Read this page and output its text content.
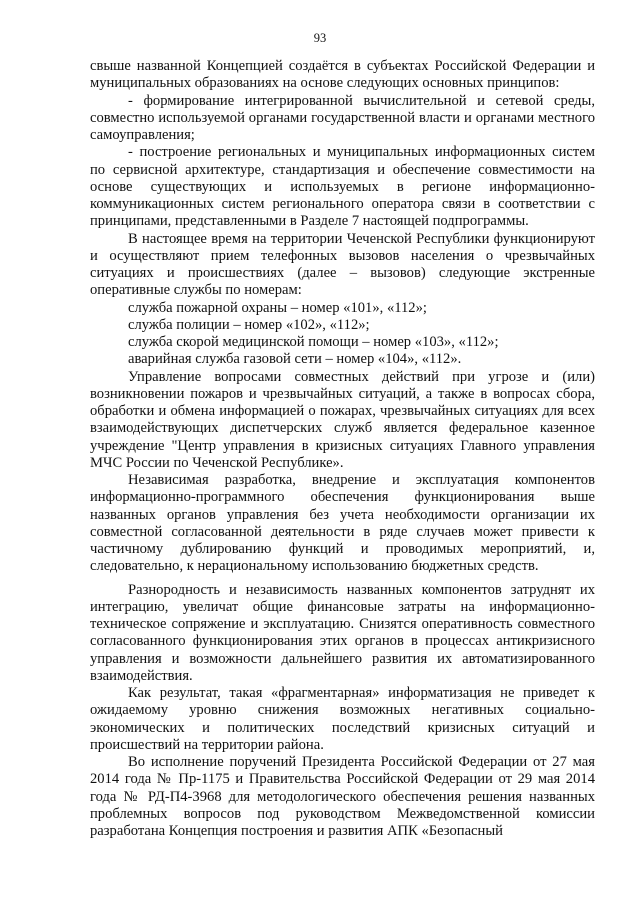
93

свыше названной Концепцией создаётся в субъектах Российской Федерации и муниципальных образованиях на основе следующих основных принципов:

- формирование интегрированной вычислительной и сетевой среды, совместно используемой органами государственной власти и органами местного самоуправления;

- построение региональных и муниципальных информационных систем по сервисной архитектуре, стандартизация и обеспечение совместимости на основе существующих и используемых в регионе информационно-коммуникационных систем регионального оператора связи в соответствии с принципами, представленными в Разделе 7 настоящей подпрограммы.

В настоящее время на территории Чеченской Республики функционируют и осуществляют прием телефонных вызовов населения о чрезвычайных ситуациях и происшествиях (далее – вызовов) следующие экстренные оперативные службы по номерам:

служба пожарной охраны – номер «101», «112»;

служба полиции – номер «102», «112»;

служба скорой медицинской помощи – номер «103», «112»;

аварийная служба газовой сети – номер «104», «112».

Управление вопросами совместных действий при угрозе и (или) возникновении пожаров и чрезвычайных ситуаций, а также в вопросах сбора, обработки и обмена информацией о пожарах, чрезвычайных ситуациях для всех взаимодействующих диспетчерских служб является федеральное казенное учреждение "Центр управления в кризисных ситуациях Главного управления МЧС России по Чеченской Республике».

Независимая разработка, внедрение и эксплуатация компонентов информационно-программного обеспечения функционирования выше названных органов управления без учета необходимости организации их совместной согласованной деятельности в ряде случаев может привести к частичному дублированию функций и проводимых мероприятий, и, следовательно, к нерациональному использованию бюджетных средств.

Разнородность и независимость названных компонентов затруднят их интеграцию, увеличат общие финансовые затраты на информационно-техническое сопряжение и эксплуатацию. Снизятся оперативность совместного согласованного функционирования этих органов в процессах антикризисного управления и возможности дальнейшего развития их автоматизированного взаимодействия.

Как результат, такая «фрагментарная» информатизация не приведет к ожидаемому уровню снижения возможных негативных социально-экономических и политических последствий кризисных ситуаций и происшествий на территории района.

Во исполнение поручений Президента Российской Федерации от 27 мая 2014 года № Пр-1175 и Правительства Российской Федерации от 29 мая 2014 года № РД-П4-3968 для методологического обеспечения решения названных проблемных вопросов под руководством Межведомственной комиссии разработана Концепция построения и развития АПК «Безопасный
